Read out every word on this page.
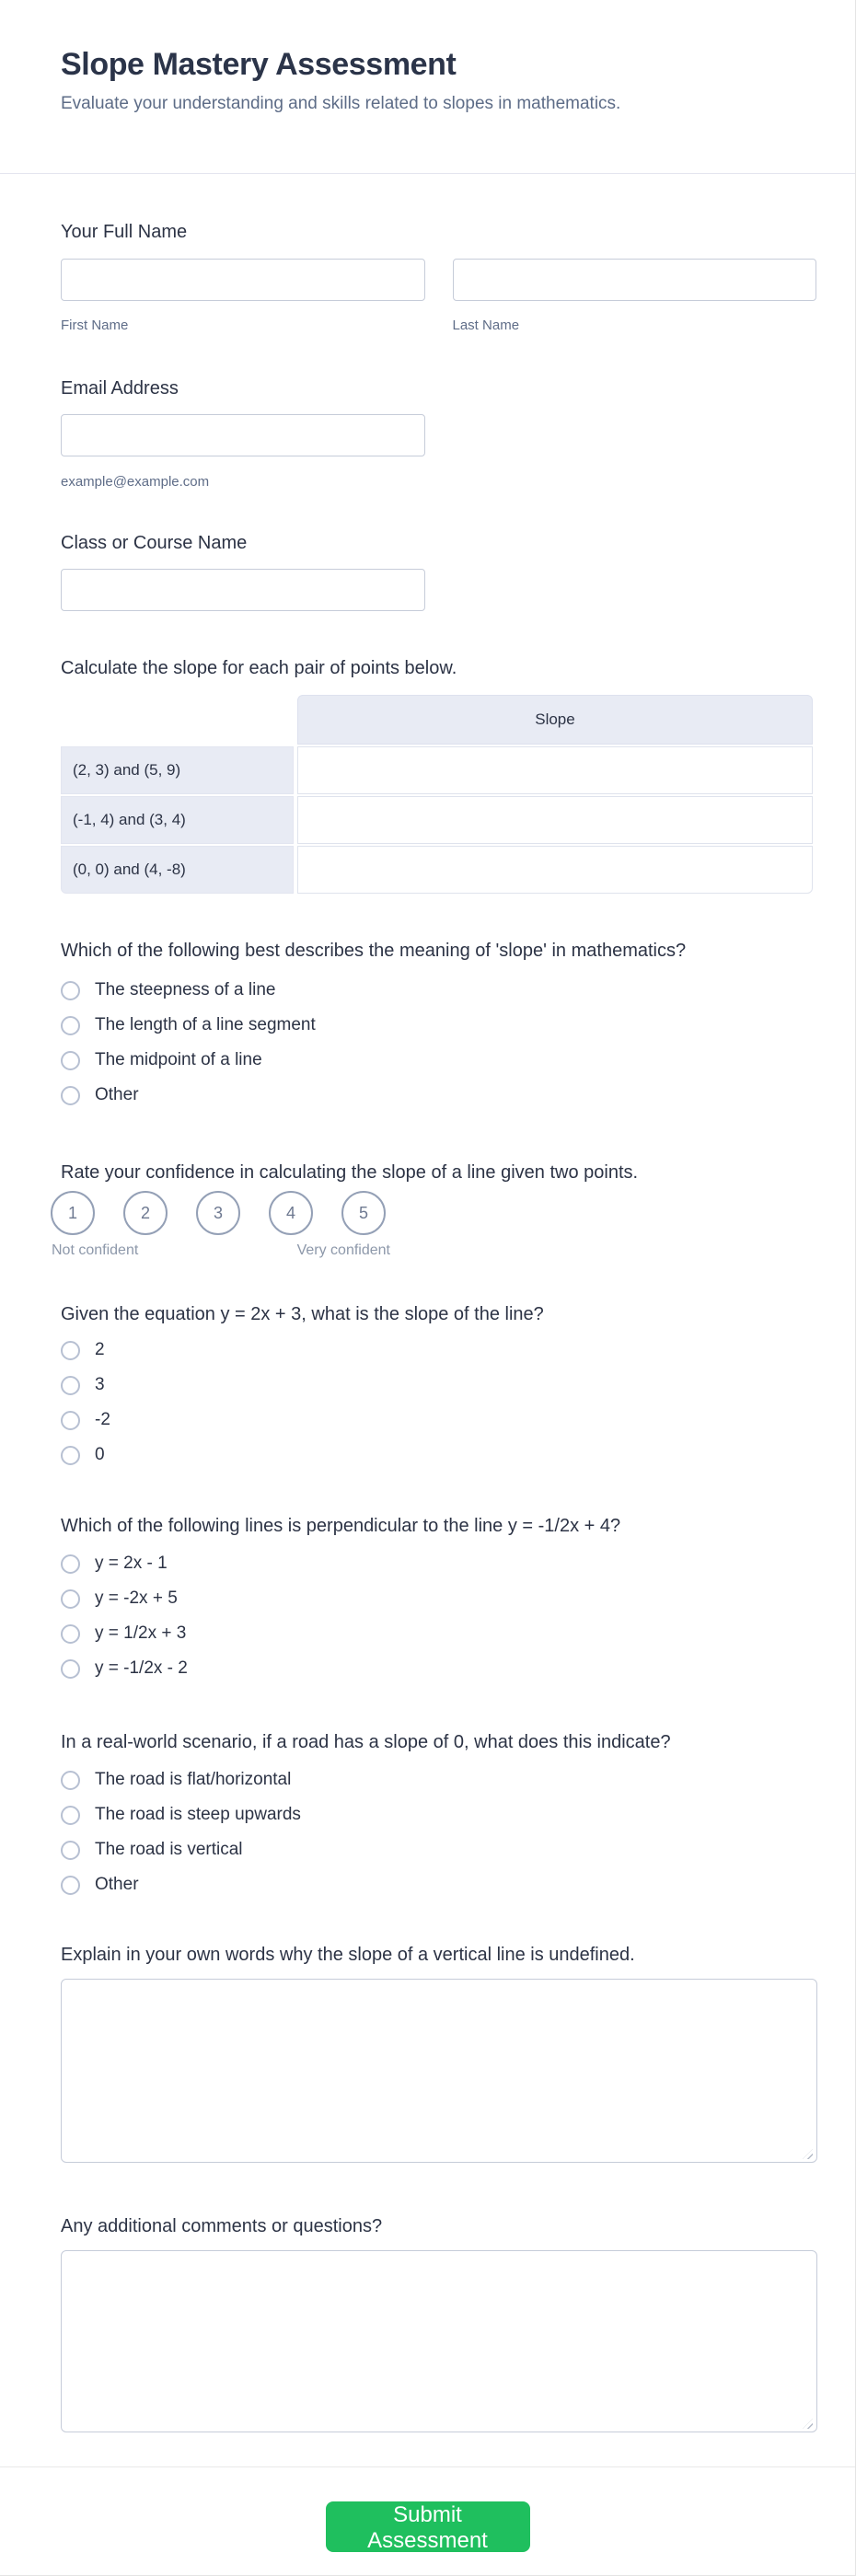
Slope Mastery Assessment
Evaluate your understanding and skills related to slopes in mathematics.
Your Full Name
First Name	Last Name
Email Address
example@example.com
Class or Course Name
Calculate the slope for each pair of points below.
	Slope
(2, 3) and (5, 9)	
(-1, 4) and (3, 4)	
(0, 0) and (4, -8)	
Which of the following best describes the meaning of 'slope' in mathematics?
The steepness of a line
The length of a line segment
The midpoint of a line
Other
Rate your confidence in calculating the slope of a line given two points.
1	2	3	4	5
Not confident	Very confident
Given the equation y = 2x + 3, what is the slope of the line?
2
3
-2
0
Which of the following lines is perpendicular to the line y = -1/2x + 4?
y = 2x - 1
y = -2x + 5
y = 1/2x + 3
y = -1/2x - 2
In a real-world scenario, if a road has a slope of 0, what does this indicate?
The road is flat/horizontal
The road is steep upwards
The road is vertical
Other
Explain in your own words why the slope of a vertical line is undefined.
Any additional comments or questions?
Submit Assessment
